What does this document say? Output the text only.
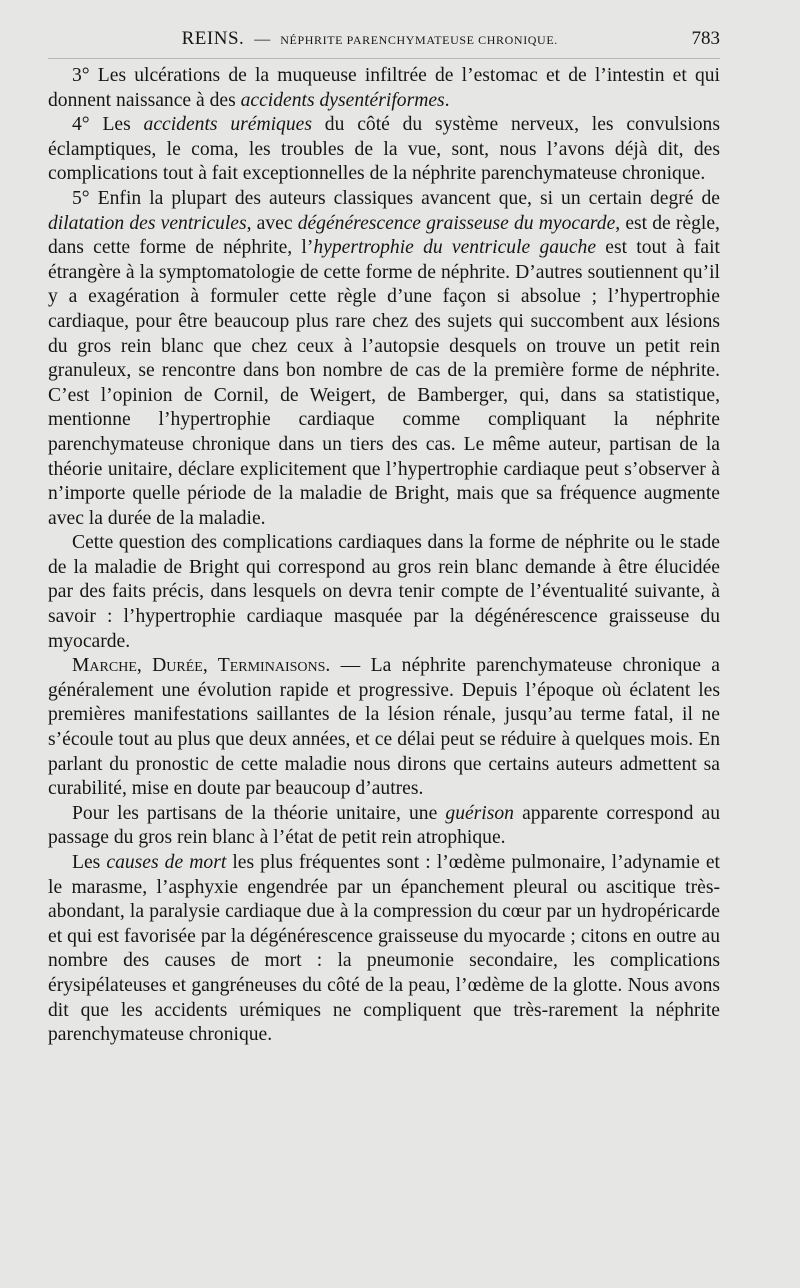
REINS. — NÉPHRITE PARENCHYMATEUSE CHRONIQUE.	783

3° Les ulcérations de la muqueuse infiltrée de l’estomac et de l’intestin et qui donnent naissance à des accidents dysentériformes.

4° Les accidents urémiques du côté du système nerveux, les convulsions éclamptiques, le coma, les troubles de la vue, sont, nous l’avons déjà dit, des complications tout à fait exceptionnelles de la néphrite parenchymateuse chronique.

5° Enfin la plupart des auteurs classiques avancent que, si un certain degré de dilatation des ventricules, avec dégénérescence graisseuse du myocarde, est de règle, dans cette forme de néphrite, l’hypertrophie du ventricule gauche est tout à fait étrangère à la symptomatologie de cette forme de néphrite. D’autres soutiennent qu’il y a exagération à formuler cette règle d’une façon si absolue ; l’hypertrophie cardiaque, pour être beaucoup plus rare chez des sujets qui succombent aux lésions du gros rein blanc que chez ceux à l’autopsie desquels on trouve un petit rein granuleux, se rencontre dans bon nombre de cas de la première forme de néphrite. C’est l’opinion de Cornil, de Weigert, de Bamberger, qui, dans sa statistique, mentionne l’hypertrophie cardiaque comme compliquant la néphrite parenchymateuse chronique dans un tiers des cas. Le même auteur, partisan de la théorie unitaire, déclare explicitement que l’hypertrophie cardiaque peut s’observer à n’importe quelle période de la maladie de Bright, mais que sa fréquence augmente avec la durée de la maladie.

Cette question des complications cardiaques dans la forme de néphrite ou le stade de la maladie de Bright qui correspond au gros rein blanc demande à être élucidée par des faits précis, dans lesquels on devra tenir compte de l’éventualité suivante, à savoir : l’hypertrophie cardiaque masquée par la dégénérescence graisseuse du myocarde.

Marche, Durée, Terminaisons. — La néphrite parenchymateuse chronique a généralement une évolution rapide et progressive. Depuis l’époque où éclatent les premières manifestations saillantes de la lésion rénale, jusqu’au terme fatal, il ne s’écoule tout au plus que deux années, et ce délai peut se réduire à quelques mois. En parlant du pronostic de cette maladie nous dirons que certains auteurs admettent sa curabilité, mise en doute par beaucoup d’autres.

Pour les partisans de la théorie unitaire, une guérison apparente correspond au passage du gros rein blanc à l’état de petit rein atrophique.

Les causes de mort les plus fréquentes sont : l’œdème pulmonaire, l’adynamie et le marasme, l’asphyxie engendrée par un épanchement pleural ou ascitique très-abondant, la paralysie cardiaque due à la compression du cœur par un hydropéricarde et qui est favorisée par la dégénérescence graisseuse du myocarde ; citons en outre au nombre des causes de mort : la pneumonie secondaire, les complications érysipélateuses et gangréneuses du côté de la peau, l’œdème de la glotte. Nous avons dit que les accidents urémiques ne compliquent que très-rarement la néphrite parenchymateuse chronique.
